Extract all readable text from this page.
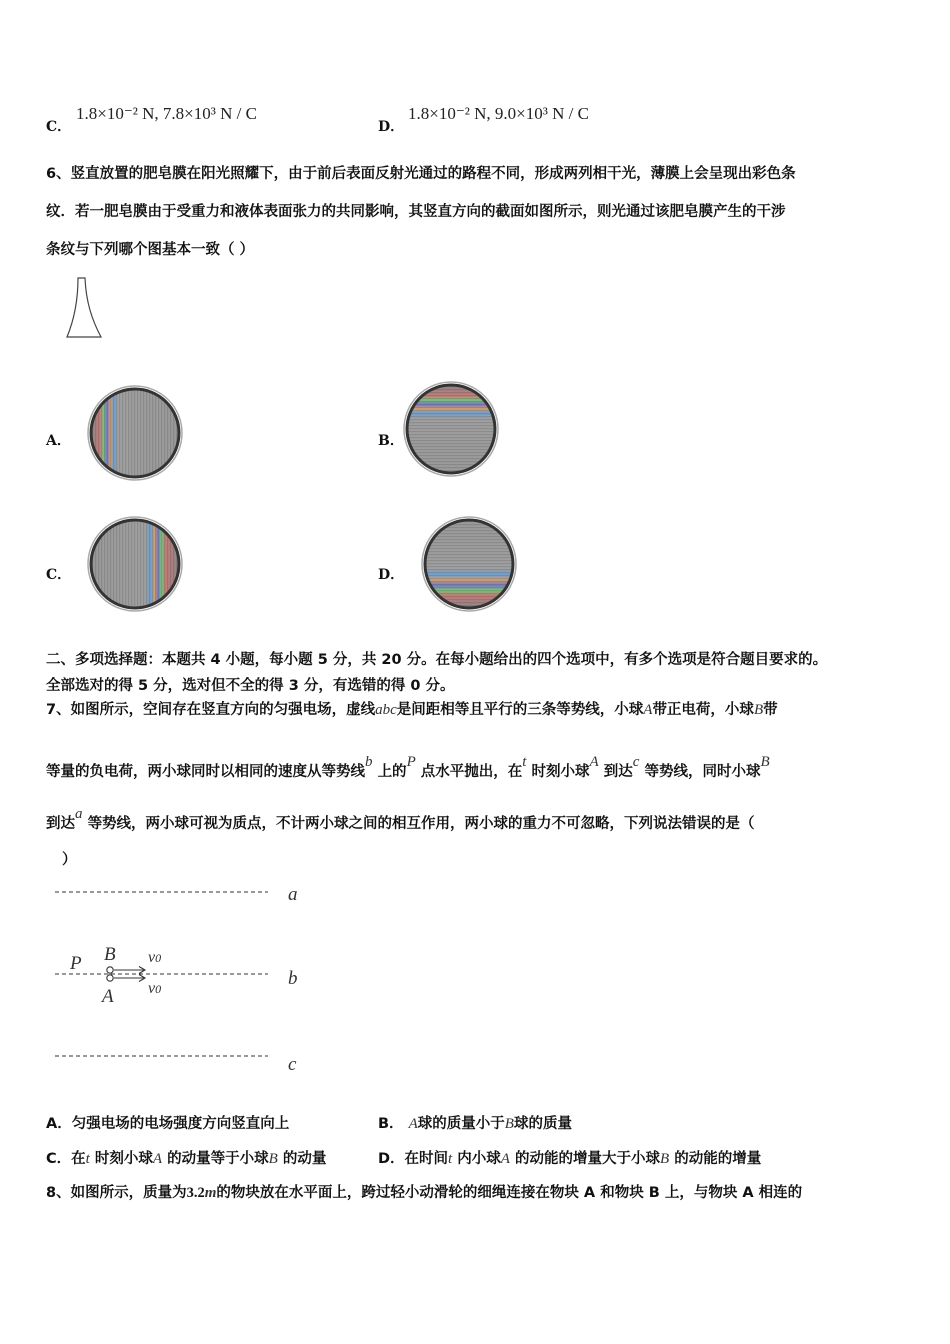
C．
1.8×10⁻² N, 7.8×10³ N / C
D．
1.8×10⁻² N, 9.0×10³ N / C
6、竖直放置的肥皂膜在阳光照耀下，由于前后表面反射光通过的路程不同，形成两列相干光，薄膜上会呈现出彩色条
纹．若一肥皂膜由于受重力和液体表面张力的共同影响，其竖直方向的截面如图所示，则光通过该肥皂膜产生的干涉
条纹与下列哪个图基本一致（ ）
A．	B．
C．	D．
二、多项选择题：本题共 4 小题，每小题 5 分，共 20 分。在每小题给出的四个选项中，有多个选项是符合题目要求的。
全部选对的得 5 分，选对但不全的得 3 分，有选错的得 0 分。
7、如图所示，空间存在竖直方向的匀强电场，虚线abc是间距相等且平行的三条等势线，小球A带正电荷，小球B带
等量的负电荷，两小球同时以相同的速度从等势线b 上的P 点水平抛出，在t 时刻小球A 到达c 等势线，同时小球B
到达a 等势线，两小球可视为质点，不计两小球之间的相互作用，两小球的重力不可忽略，下列说法错误的是（
）
a
b
c
P B
A
v0
v0
A．匀强电场的电场强度方向竖直向上	B． A球的质量小于B球的质量
C．在t 时刻小球A 的动量等于小球B 的动量	D．在时间t 内小球A 的动能的增量大于小球B 的动能的增量
8、如图所示，质量为3.2m的物块放在水平面上，跨过轻小动滑轮的细绳连接在物块 A 和物块 B 上，与物块 A 相连的
